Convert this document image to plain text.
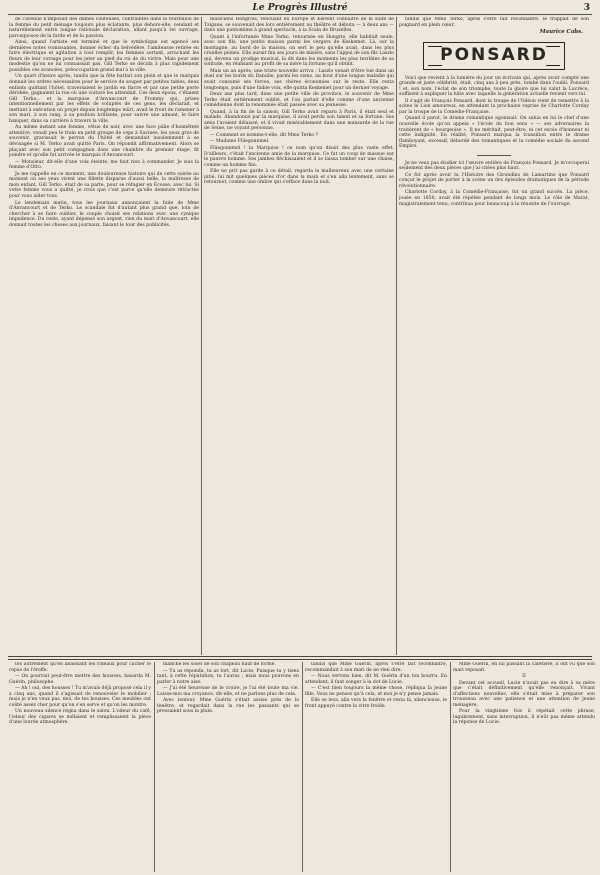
Le Progrès Illustré	3

de l'avenue n'imposait des dames coûteuses, contraintes dans la tourbillon de la femme du petit ménage toujours plus éclatante, plus dehors-elle, cendant et naturellement entre longue rationale déclaration, allant jusqu'à rei ouvrage, parcequosoe de la farde et de la passion.

Ainsi, quand l'artiste est terminé et que le symbolique est agencé ses dernières notes vomissantes, donner échec du belvédère, l'amiteasse retirée en fatre électrique et agitation à tout remplir, les femmes sortant, arrachant les fleurs de leur corsage pour les jeter au pied du roi de du victre. Mais pour une modestie qu'on ne lui connaissait pas, Gill Terko se décida à plus rapidement possibles ces avancées, préoccupation grand mal à la ville.

Un quart d'heure après, tandis que la fête battait son plein et que le marquis donnait les ordres nécessaires pour le service du souper par petites tables, deux enfants quittant l'hôtel, traversaient le jardin en fiacre et par une petite porte dérobée, gagnaient la rue où une voiture les attendait. Ces deux époux, c'étaient Gill Terko... et la marquise d'Anvancourt de Frommy qui, prises intentionnellement par les effets de voluptés de ces gens, les déclarait, et mettant à exécution un projet depuis longtemps mûri, avait le front de ramener à son mari, à son rang, à sa position brillante, pour suivre une aimant, le faire banquer, dans sa carrière à travers la ville.

Au même instant une femme, vêtue de noir, avec une face pâlie d'honnêteté attentive, venait peu le train en petit groupe de ceps à Savinee, les yeux gros de souvenir, gravissait le perron du l'hôtel et demandait insolemment à se dévisagée si M. Terko avait quitté Paris. On répondit affirmativement. Alors se plaçant avec son petit compagnon dans une chambre du premier étage, fit joindre et qu'elle fut arrivée le marquis d'Anvancourt.

— Monsieur, dit-elle d'une voix éteinte, me faut rien à commander. Je suis la femme d'Otto.

Je me rappelle en ce moment, une douloureuse histoire qui de cette soirée au moment où ses yeux virent une fillette disparue d'aussi belle, la maîtresse de mon enfant, Gill Terko, était de sa parte, pour se réfugier en Écosse, avec lui. Si votre femme vous a quitté, je crois que c'est parce qu'elle demeure rétractée pour vous aider tous.

Le lendemain matin, tous les journaux annonçaient la fuite de Mme d'Anvancourt et de Terko. Le scandale fut d'autant plus grand que, loin de chercher à se faire oublier, le couple choisit ses relations avec une cynique impudence. Du reste, ayant dépensé son argent, rien du mari d'Anvancourt, elle donnait toutes les choses aux journaux, faisant le tour des publicités.

musiciens Hongrois, renouant en Europe et Keredit connaître de la suite de Tzigane, se souvenait des lors entièrement au théâtre et débuta — à deux ans — dans une pantomime à grand spectacle, à la Scala de Bruxelles.

Quant à l'infortunée Mme Terko, retournée en Hongrie, elle habitait seule, avec son fils, une petite maison parmi les vergers de Keskemet. Là, sur la montagne, au bord de la maison, on sert le peu qu'elle avait, dans les plus cruelles peines. Elle aurait fini ses jours de misère, sans l'appui de son fils Laszlo qui, devenu un prodige musical, la dit dans les moments les plus terribles de sa solitude, en réalisant au profit de sa mère la fortune qu'il obtint.

Mais un an après, une triste nouvelle arriva : Laszlo venait d'être tué dans un duel sur les bords du Danube, parmi les siens, au bout d'une longue maladie qui avait consumé ses forces, ses chères économies sur le reste. Elle resta longtemps, puis d'une faible voix, elle quitta Keskemet pour un dernier voyage.

Deux ans plus tard, dans une petite ville de province, le souvenir de Mme Terko était entièrement oublié, et l'on parlait d'elle comme d'une ancienne comédienne dont la renommée était passée avec sa jeunesse.

Quand, à la fin de la saison, Gill Terko avait reparu à Paris, il était seul et malade. Abandonné par la marquise, il avait perdu son talent et sa fortune. Ses amis l'avaient délaissé, et il vivait misérablement dans une mansarde de la rue de Seine, ne voyant personne.

— Comment se nomme-t-elle, dit Mme Terko ?

— Madame Fläegonnmel.

Fläegonnmel ! la Marquise ! ce nom qu'on disait des plus vaste effet. D'ailleurs, c'était l'ancienne amie de la marquise. Ce fut un coup de massue sur le pauvre homme. Ses jambes fléchissaient et il se laissa tomber sur une chaise, comme un homme fini.

Elle ne prit pas garde à ce détail, regarda le malheureux avec une certaine pitié, lui mit quelques pièces d'or dans la main et s'en alla lentement, sans se retourner, comme une ombre qui s'efface dans la nuit.

tandis que Mme Terko, après s'être fait reconnaître, le frappait de son poignard en plein cœur.

Maurice Cabs.
PONSARD

Voici que revient à la lumière du jour un écrivain qui, après avoir compté une grande et juste célébrité, était, cinq ans à peu près, tombé dans l'oubli. Ponsard ! et, son nom, l'éclat de son triomphe, toute la gloire que lui valut la Lucrèce, suffisent à expliquer la hâte avec laquelle la génération actuelle revient vers lui.

Il s'agit de François Ponsard, dont la troupe de l'Odéon vient de remettre à la scène le Lion amoureux, en attendant la prochaine reprise de Charlotte Corday par la troupe de la Comédie-Française.

Quand il parut, le drame romantique agonisait. On salua en lui le chef d'une nouvelle école qu'on appela « l'école du bon sens » — ses adversaires la traitèrent de « bourgeoise ». Il ne méritait, peut-être, ni cet excès d'honneur ni cette indignité. En réalité, Ponsard marqua la transition entre le drame flamboyant, excessif, débordé des romantiques et la comédie sociale du second Empire.

Je ne veux pas étudier ici l'œuvre entière de François Ponsard. Je m'occuperai seulement des deux pièces que j'ai citées plus haut.

Ce fut après avoir lu l'Histoire des Girondins de Lamartine que Ponsard conçut le projet de porter à la scène un des épisodes dramatiques de la période révolutionnaire.

Charlotte Corday, à la Comédie-Française, fut un grand succès. La pièce, jouée en 1850, avait été répétée pendant de longs mois. Le rôle de Marat, magistralement tenu, contribua pour beaucoup à la réussite de l'ouvrage.

tes autrement qu'en abaissant les rideaux pour cacher le repas de l'étoffe.

— On pourrait peut-être mettre des housses, hasarda M. Guérin, philosophe.

— Ah ! oui, des housses ! Tu m'avais déjà proposé cela il y a cinq ans, quand il s'agissait de renouveler le mobilier ; mais je n'en veux pas, moi, de tes housses. Ces meubles ont coûté assez cher pour qu'on s'en serve et qu'on les montre.

Un nouveau silence régna dans le salon. L'odeur du café, l'odeur des cigares se mêlaient et remplissaient la pièce d'une lourde atmosphère.

manche les soies de son chapeau haut de forme.

— Tu as répondu, tu as tort, dit Lucie. Puisque tu y tiens tant, à cette réputation, tu l'auras ; mais nous pouvons en parler à notre aise.

— J'ai été heureuse de le croire, je l'ai été toute ma vie. Laisse-moi ma croyance, dit-elle, et ne parlons plus de cela.

Avec lenteur, Mme Guérin s'était assise près de la fenêtre, et regardait dans la rue les passants qui se pressaient sous la pluie.

tandis que Mme Guérin, après s'être fait reconnaître, recommandait à son mari de ne rien dire.

— Nous verrons bien, dit M. Guérin d'un ton bourru. En attendant, il faut songer à la dot de Lucie.

— C'est bien toujours la même chose, répliqua la jeune fille. Vous ne pensez qu'à cela, et moi je n'y pense jamais.

Elle se leva, alla vers la fenêtre et resta là, silencieuse, le front appuyé contre la vitre froide.

Mme Guérin, en lui passant la cafetière, il ont vu que son mari reposait.

II

Devant cet accueil, Lucie n'avait pas eu dire à sa mère que c'était définitivement qu'elle renonçait. Vivant d'affections nouvelles, elle s'était mise à préparer son trousseau avec une patience et une attention de jeune ménagère.

Pour la vingtième fois il répétait cette phrase, lugubrement, sans interruption, il n'eût pas même attendu la réponse de Lucie.
